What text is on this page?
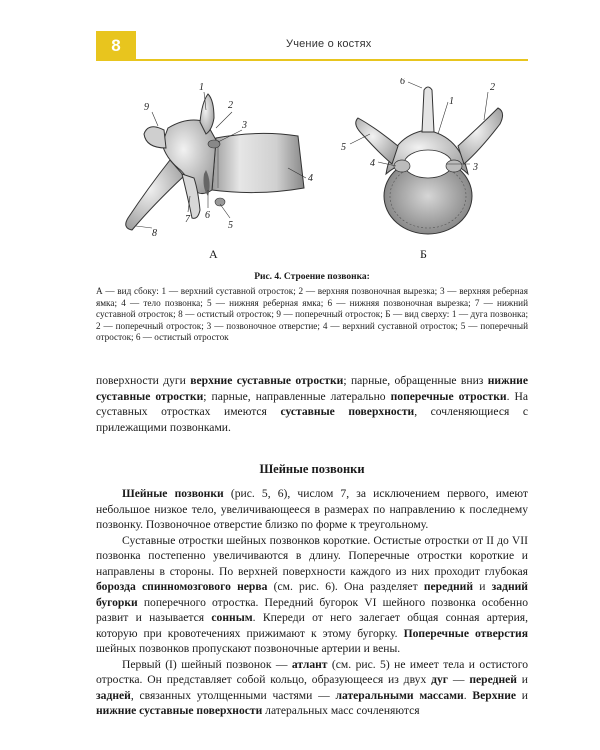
8	Учение о костях
1
2
3
4
5
6
7
8
9
1
2
3
4
5
6
А	Б
Рис. 4. Строение позвонка:
А — вид сбоку: 1 — верхний суставной отросток; 2 — верхняя позвоночная вырезка; 3 — верхняя реберная ямка; 4 — тело позвонка; 5 — нижняя реберная ямка; 6 — нижняя позвоночная вырезка; 7 — нижний суставной отросток; 8 — остистый отросток; 9 — поперечный отросток; Б — вид сверху: 1 — дуга позвонка; 2 — поперечный отросток; 3 — позвоночное отверстие; 4 — верхний суставной отросток; 5 — поперечный отросток; 6 — остистый отросток

поверхности дуги верхние суставные отростки; парные, обращенные вниз нижние суставные отростки; парные, направленные латерально поперечные отростки. На суставных отростках имеются суставные поверхности, сочленяющиеся с прилежащими позвонками.

Шейные позвонки

Шейные позвонки (рис. 5, 6), числом 7, за исключением первого, имеют небольшое низкое тело, увеличивающееся в размерах по направлению к последнему позвонку. Позвоночное отверстие близко по форме к треугольному.

Суставные отростки шейных позвонков короткие. Остистые отростки от II до VII позвонка постепенно увеличиваются в длину. Поперечные отростки короткие и направлены в стороны. По верхней поверхности каждого из них проходит глубокая борозда спинномозгового нерва (см. рис. 6). Она разделяет передний и задний бугорки поперечного отростка. Передний бугорок VI шейного позвонка особенно развит и называется сонным. Кпереди от него залегает общая сонная артерия, которую при кровотечениях прижимают к этому бугорку. Поперечные отверстия шейных позвонков пропускают позвоночные артерии и вены.

Первый (I) шейный позвонок — атлант (см. рис. 5) не имеет тела и остистого отростка. Он представляет собой кольцо, образующееся из двух дуг — передней и задней, связанных утолщенными частями — латеральными массами. Верхние и нижние суставные поверхности латеральных масс сочленяются
